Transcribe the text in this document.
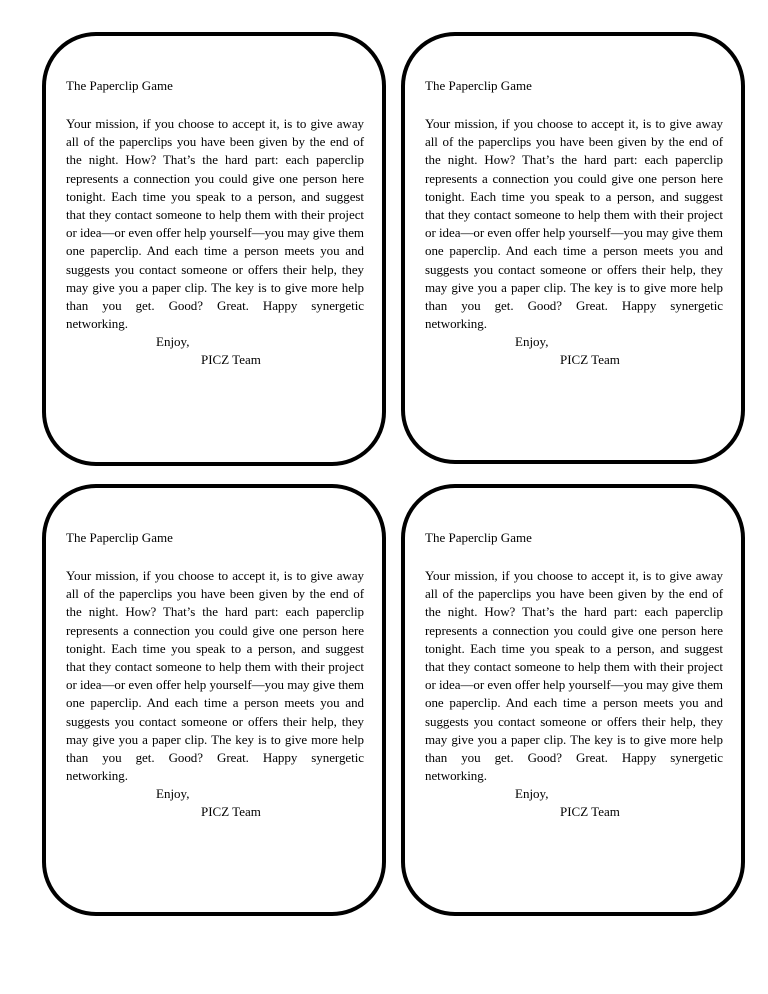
The Paperclip Game

Your mission, if you choose to accept it, is to give away all of the paperclips you have been given by the end of the night. How? That’s the hard part: each paperclip represents a connection you could give one person here tonight. Each time you speak to a person, and suggest that they contact someone to help them with their project or idea—or even offer help yourself—you may give them one paperclip. And each time a person meets you and suggests you contact someone or offers their help, they may give you a paper clip. The key is to give more help than you get. Good? Great. Happy synergetic networking.

Enjoy,

PICZ Team

The Paperclip Game

Your mission, if you choose to accept it, is to give away all of the paperclips you have been given by the end of the night. How? That’s the hard part: each paperclip represents a connection you could give one person here tonight. Each time you speak to a person, and suggest that they contact someone to help them with their project or idea—or even offer help yourself—you may give them one paperclip. And each time a person meets you and suggests you contact someone or offers their help, they may give you a paper clip. The key is to give more help than you get. Good? Great. Happy synergetic networking.

Enjoy,

PICZ Team

The Paperclip Game

Your mission, if you choose to accept it, is to give away all of the paperclips you have been given by the end of the night. How? That’s the hard part: each paperclip represents a connection you could give one person here tonight. Each time you speak to a person, and suggest that they contact someone to help them with their project or idea—or even offer help yourself—you may give them one paperclip. And each time a person meets you and suggests you contact someone or offers their help, they may give you a paper clip. The key is to give more help than you get. Good? Great. Happy synergetic networking.

Enjoy,

PICZ Team

The Paperclip Game

Your mission, if you choose to accept it, is to give away all of the paperclips you have been given by the end of the night. How? That’s the hard part: each paperclip represents a connection you could give one person here tonight. Each time you speak to a person, and suggest that they contact someone to help them with their project or idea—or even offer help yourself—you may give them one paperclip. And each time a person meets you and suggests you contact someone or offers their help, they may give you a paper clip. The key is to give more help than you get. Good? Great. Happy synergetic networking.

Enjoy,

PICZ Team
